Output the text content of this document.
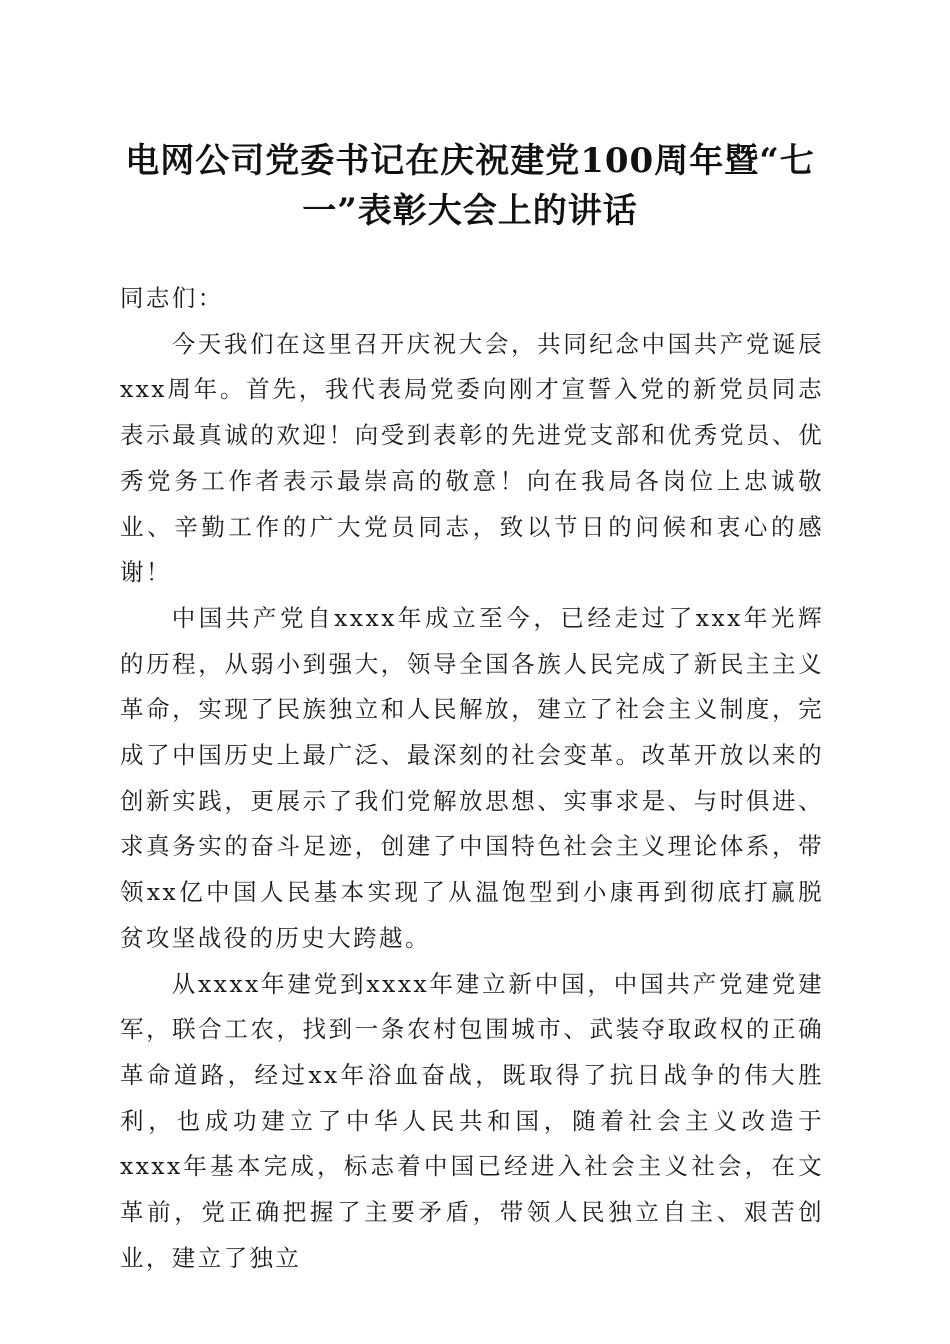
电网公司党委书记在庆祝建党100周年暨“七一”表彰大会上的讲话

同志们：

今天我们在这里召开庆祝大会，共同纪念中国共产党诞辰xxx周年。首先，我代表局党委向刚才宣誓入党的新党员同志表示最真诚的欢迎！向受到表彰的先进党支部和优秀党员、优秀党务工作者表示最崇高的敬意！向在我局各岗位上忠诚敬业、辛勤工作的广大党员同志，致以节日的问候和衷心的感谢！

中国共产党自xxxx年成立至今，已经走过了xxx年光辉的历程，从弱小到强大，领导全国各族人民完成了新民主主义革命，实现了民族独立和人民解放，建立了社会主义制度，完成了中国历史上最广泛、最深刻的社会变革。改革开放以来的创新实践，更展示了我们党解放思想、实事求是、与时俱进、求真务实的奋斗足迹，创建了中国特色社会主义理论体系，带领xx亿中国人民基本实现了从温饱型到小康再到彻底打赢脱贫攻坚战役的历史大跨越。

从xxxx年建党到xxxx年建立新中国，中国共产党建党建军，联合工农，找到一条农村包围城市、武装夺取政权的正确革命道路，经过xx年浴血奋战，既取得了抗日战争的伟大胜利，也成功建立了中华人民共和国，随着社会主义改造于xxxx年基本完成，标志着中国已经进入社会主义社会，在文革前，党正确把握了主要矛盾，带领人民独立自主、艰苦创业，建立了独立
